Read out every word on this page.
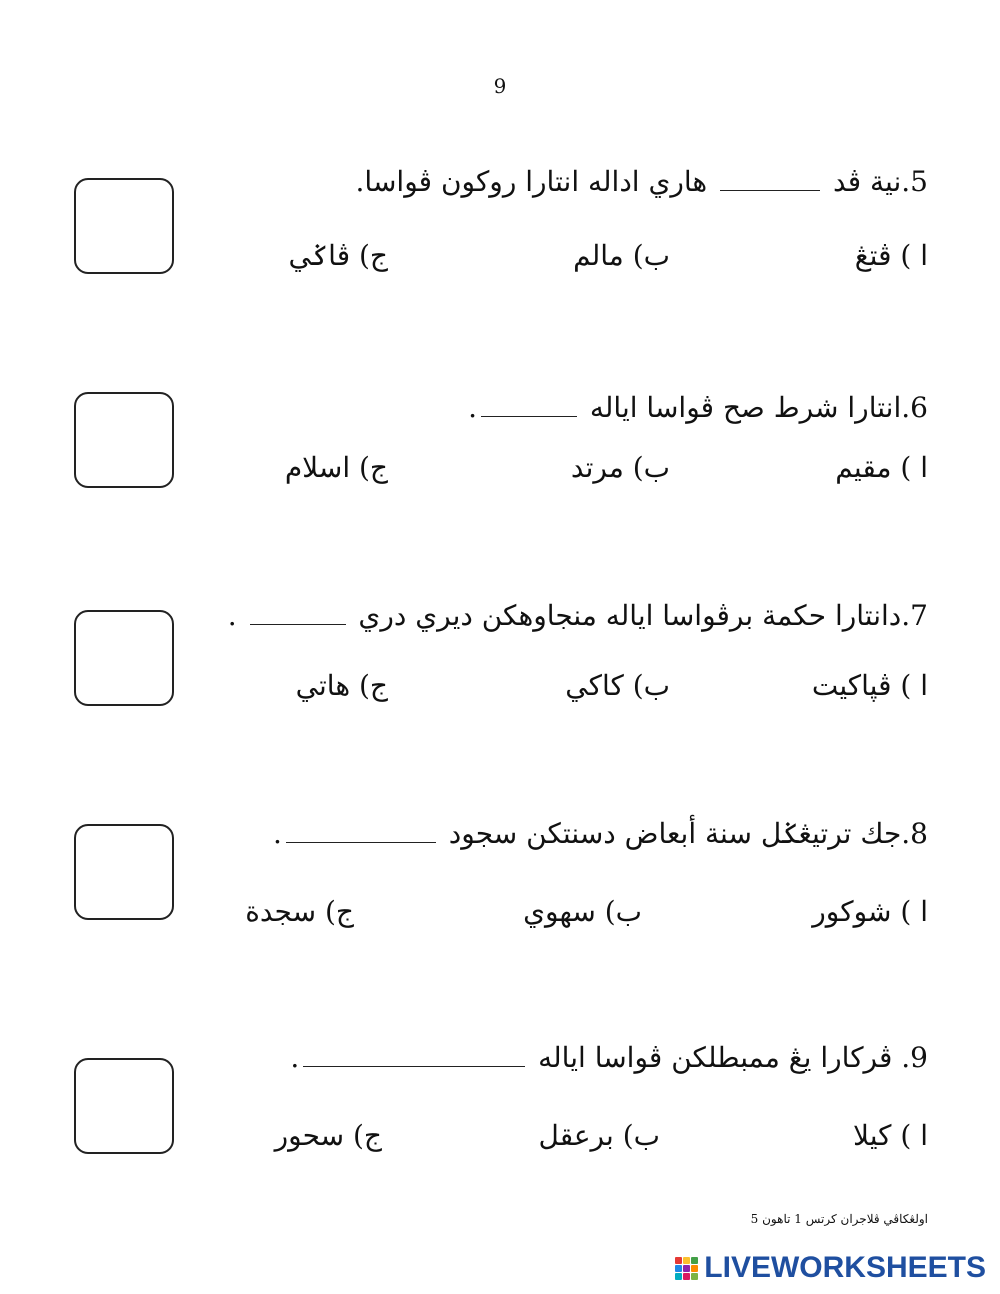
9
5.نية ڤد  هاري اداله انتارا روكون ڤواسا.
ا ) ڤتڠ
ب) مالم
ج) ڤاݢي
6.انتارا شرط صح ڤواسا اياله .
ا ) مقيم
ب) مرتد
ج) اسلام
7.دانتارا حكمة برڤواسا اياله منجاوهكن ديري دري  .
ا ) ڤڽاكيت
ب) كاكي
ج) هاتي
8.جك ترتيڠݢل سنة أبعاض دسنتكن سجود .
ا ) شوكور
ب) سهوي
ج) سجدة
9. ڤركارا يڠ ممبطلكن ڤواسا اياله .
ا ) كيلا
ب) برعقل
ج) سحور
اولڠكاڤي ڤلاجران كرتس 1 تاهون 5
LIVEWORKSHEETS
